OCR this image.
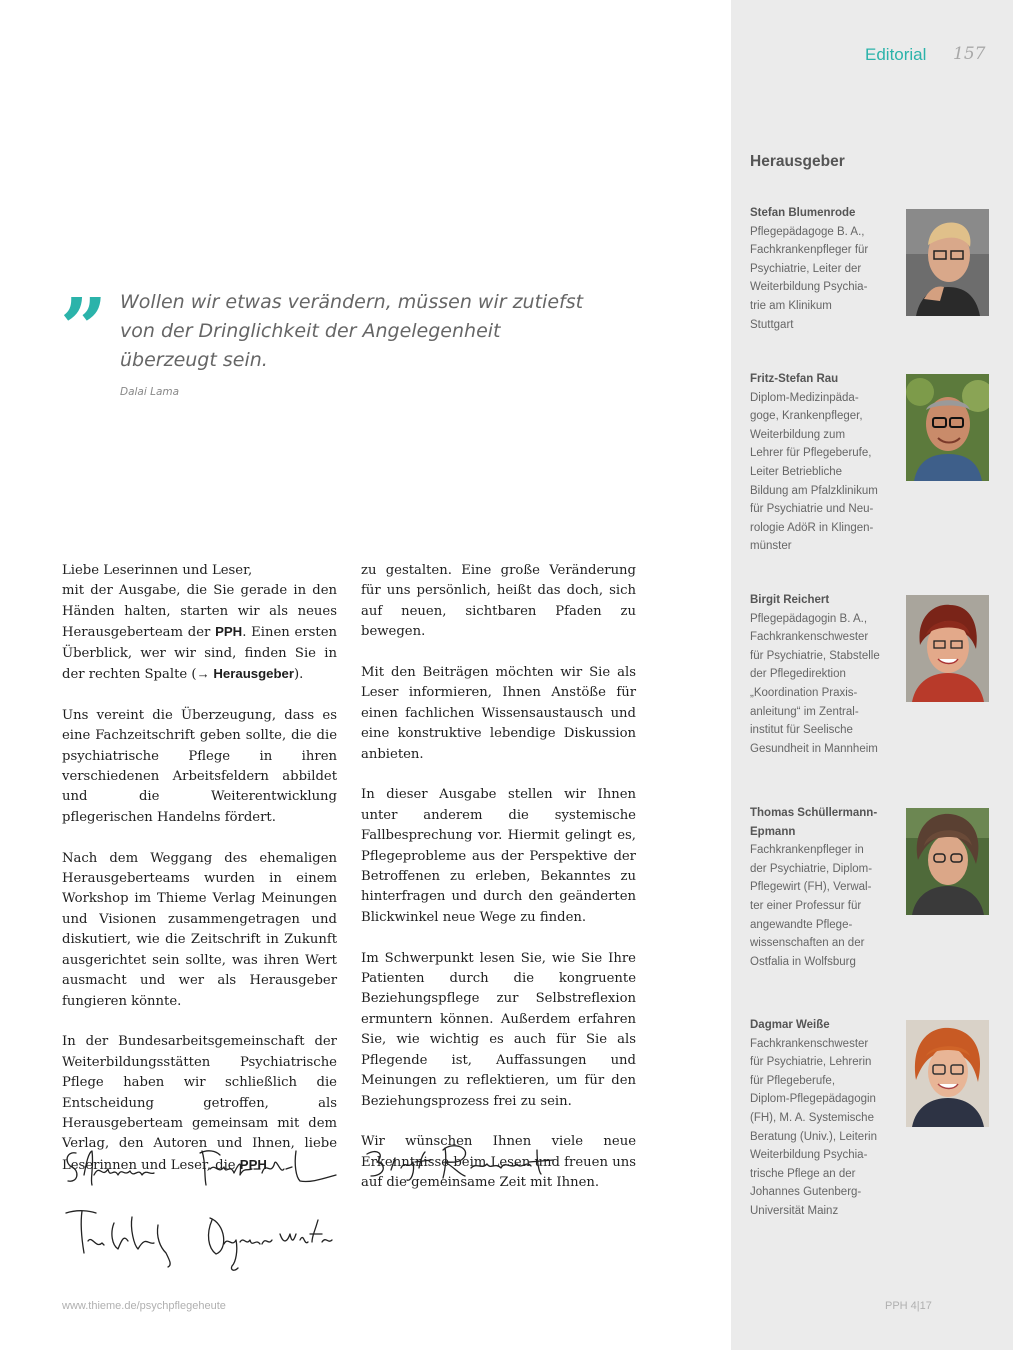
Editorial 157
” Wollen wir etwas verändern, müssen wir zutiefst von der Dringlichkeit der Angelegenheit überzeugt sein.
Dalai Lama

Liebe Leserinnen und Leser,

mit der Ausgabe, die Sie gerade in den Händen halten, starten wir als neues Herausgeberteam der PPH. Einen ersten Überblick, wer wir sind, finden Sie in der rechten Spalte (→ Herausgeber).

Uns vereint die Überzeugung, dass es eine Fachzeitschrift geben sollte, die die psychiatrische Pflege in ihren verschiedenen Arbeitsfeldern abbildet und die Weiterentwicklung pflegerischen Handelns fördert.

Nach dem Weggang des ehemaligen Herausgeberteams wurden in einem Workshop im Thieme Verlag Meinungen und Visionen zusammengetragen und diskutiert, wie die Zeitschrift in Zukunft ausgerichtet sein sollte, was ihren Wert ausmacht und wer als Herausgeber fungieren könnte.

In der Bundesarbeitsgemeinschaft der Weiterbildungsstätten Psychiatrische Pflege haben wir schließlich die Entscheidung getroffen, als Herausgeberteam gemeinsam mit dem Verlag, den Autoren und Ihnen, liebe Leserinnen und Leser, die PPH

zu gestalten. Eine große Veränderung für uns persönlich, heißt das doch, sich auf neuen, sichtbaren Pfaden zu bewegen.

Mit den Beiträgen möchten wir Sie als Leser informieren, Ihnen Anstöße für einen fachlichen Wissensaustausch und eine konstruktive lebendige Diskussion anbieten.

In dieser Ausgabe stellen wir Ihnen unter anderem die systemische Fallbesprechung vor. Hiermit gelingt es, Pflegeprobleme aus der Perspektive der Betroffenen zu erleben, Bekanntes zu hinterfragen und durch den geänderten Blickwinkel neue Wege zu finden.

Im Schwerpunkt lesen Sie, wie Sie Ihre Patienten durch die kongruente Beziehungspflege zur Selbstreflexion ermuntern können. Außerdem erfahren Sie, wie wichtig es auch für Sie als Pflegende ist, Auffassungen und Meinungen zu reflektieren, um für den Beziehungsprozess frei zu sein.

Wir wünschen Ihnen viele neue Erkenntnisse beim Lesen und freuen uns auf die gemeinsame Zeit mit Ihnen.

Herausgeber
Stefan Blumenrode
Pflegepädagoge B. A.,
Fachkrankenpfleger für
Psychiatrie, Leiter der
Weiterbildung Psychia-
trie am Klinikum
Stuttgart
Fritz-Stefan Rau
Diplom-Medizinpäda-
goge, Krankenpfleger,
Weiterbildung zum
Lehrer für Pflegeberufe,
Leiter Betriebliche
Bildung am Pfalzklinikum
für Psychiatrie und Neu-
rologie AdöR in Klingen-
münster
Birgit Reichert
Pflegepädagogin B. A.,
Fachkrankenschwester
für Psychiatrie, Stabstelle
der Pflegedirektion
„Koordination Praxis-
anleitung“ im Zentral-
institut für Seelische
Gesundheit in Mannheim
Thomas Schüllermann- Epmann
Fachkrankenpfleger in
der Psychiatrie, Diplom-
Pflegewirt (FH), Verwal-
ter einer Professur für
angewandte Pflege-
wissenschaften an der
Ostfalia in Wolfsburg
Dagmar Weiße
Fachkrankenschwester
für Psychiatrie, Lehrerin
für Pflegeberufe,
Diplom-Pflegepädagogin
(FH), M. A. Systemische
Beratung (Univ.), Leiterin
Weiterbildung Psychia-
trische Pflege an der
Johannes Gutenberg-
Universität Mainz
www.thieme.de/psychpflegeheute	PPH 4|17
